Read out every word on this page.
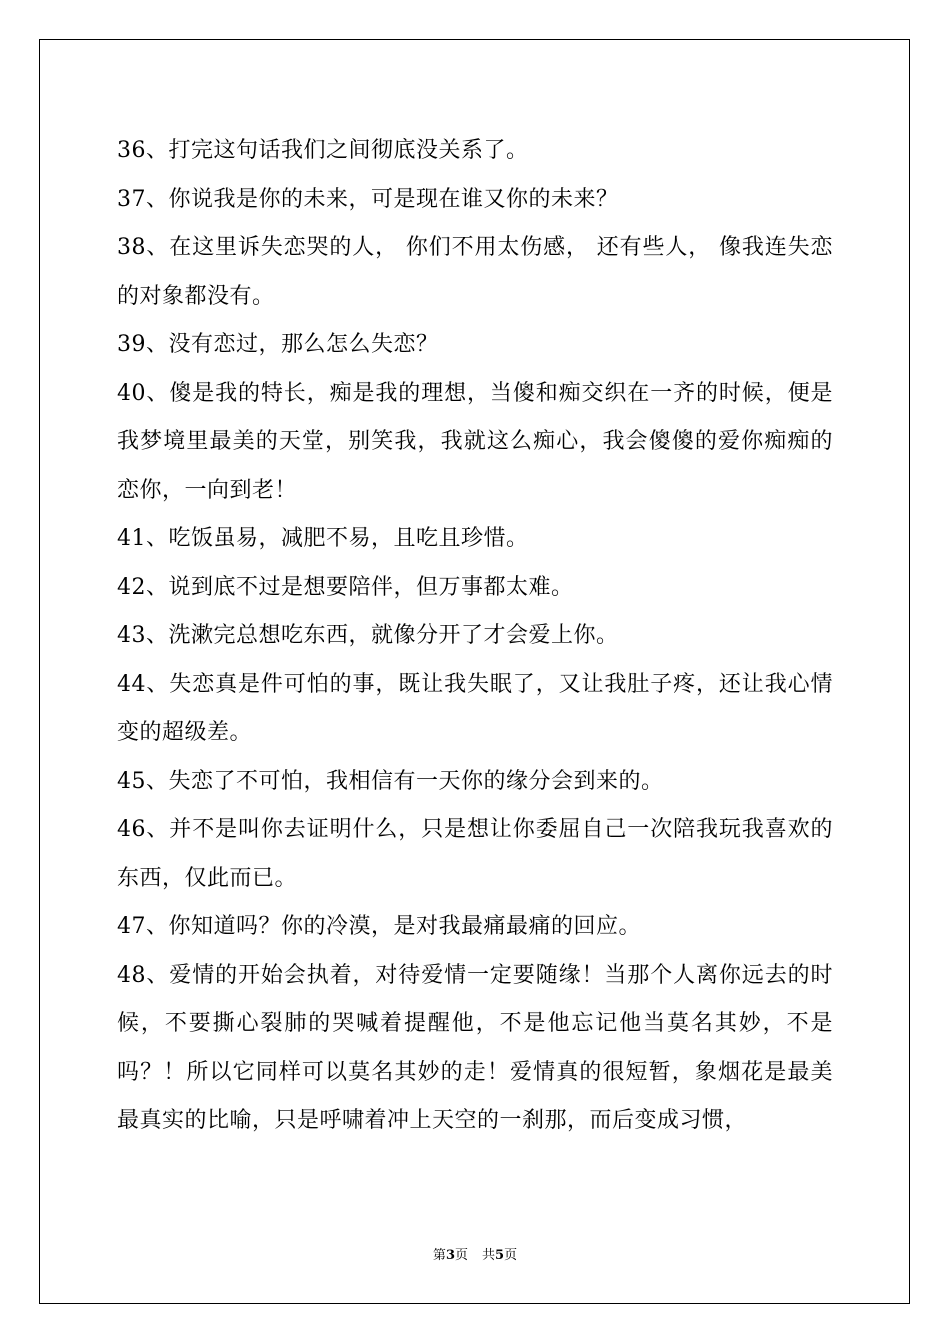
36、打完这句话我们之间彻底没关系了。

37、你说我是你的未来，可是现在谁又你的未来？

38、在这里诉失恋哭的人， 你们不用太伤感， 还有些人， 像我连失恋的对象都没有。

39、没有恋过，那么怎么失恋？

40、傻是我的特长，痴是我的理想，当傻和痴交织在一齐的时候，便是我梦境里最美的天堂，别笑我，我就这么痴心，我会傻傻的爱你痴痴的恋你，一向到老！

41、吃饭虽易，减肥不易，且吃且珍惜。

42、说到底不过是想要陪伴，但万事都太难。

43、洗漱完总想吃东西，就像分开了才会爱上你。

44、失恋真是件可怕的事，既让我失眠了，又让我肚子疼，还让我心情变的超级差。

45、失恋了不可怕，我相信有一天你的缘分会到来的。

46、并不是叫你去证明什么，只是想让你委屈自己一次陪我玩我喜欢的东西，仅此而已。

47、你知道吗？你的冷漠，是对我最痛最痛的回应。

48、爱情的开始会执着，对待爱情一定要随缘！当那个人离你远去的时候，不要撕心裂肺的哭喊着提醒他，不是他忘记他当莫名其妙，不是吗？！所以它同样可以莫名其妙的走！爱情真的很短暂，象烟花是最美最真实的比喻，只是呼啸着冲上天空的一刹那，而后变成习惯，

第3页 共5页
